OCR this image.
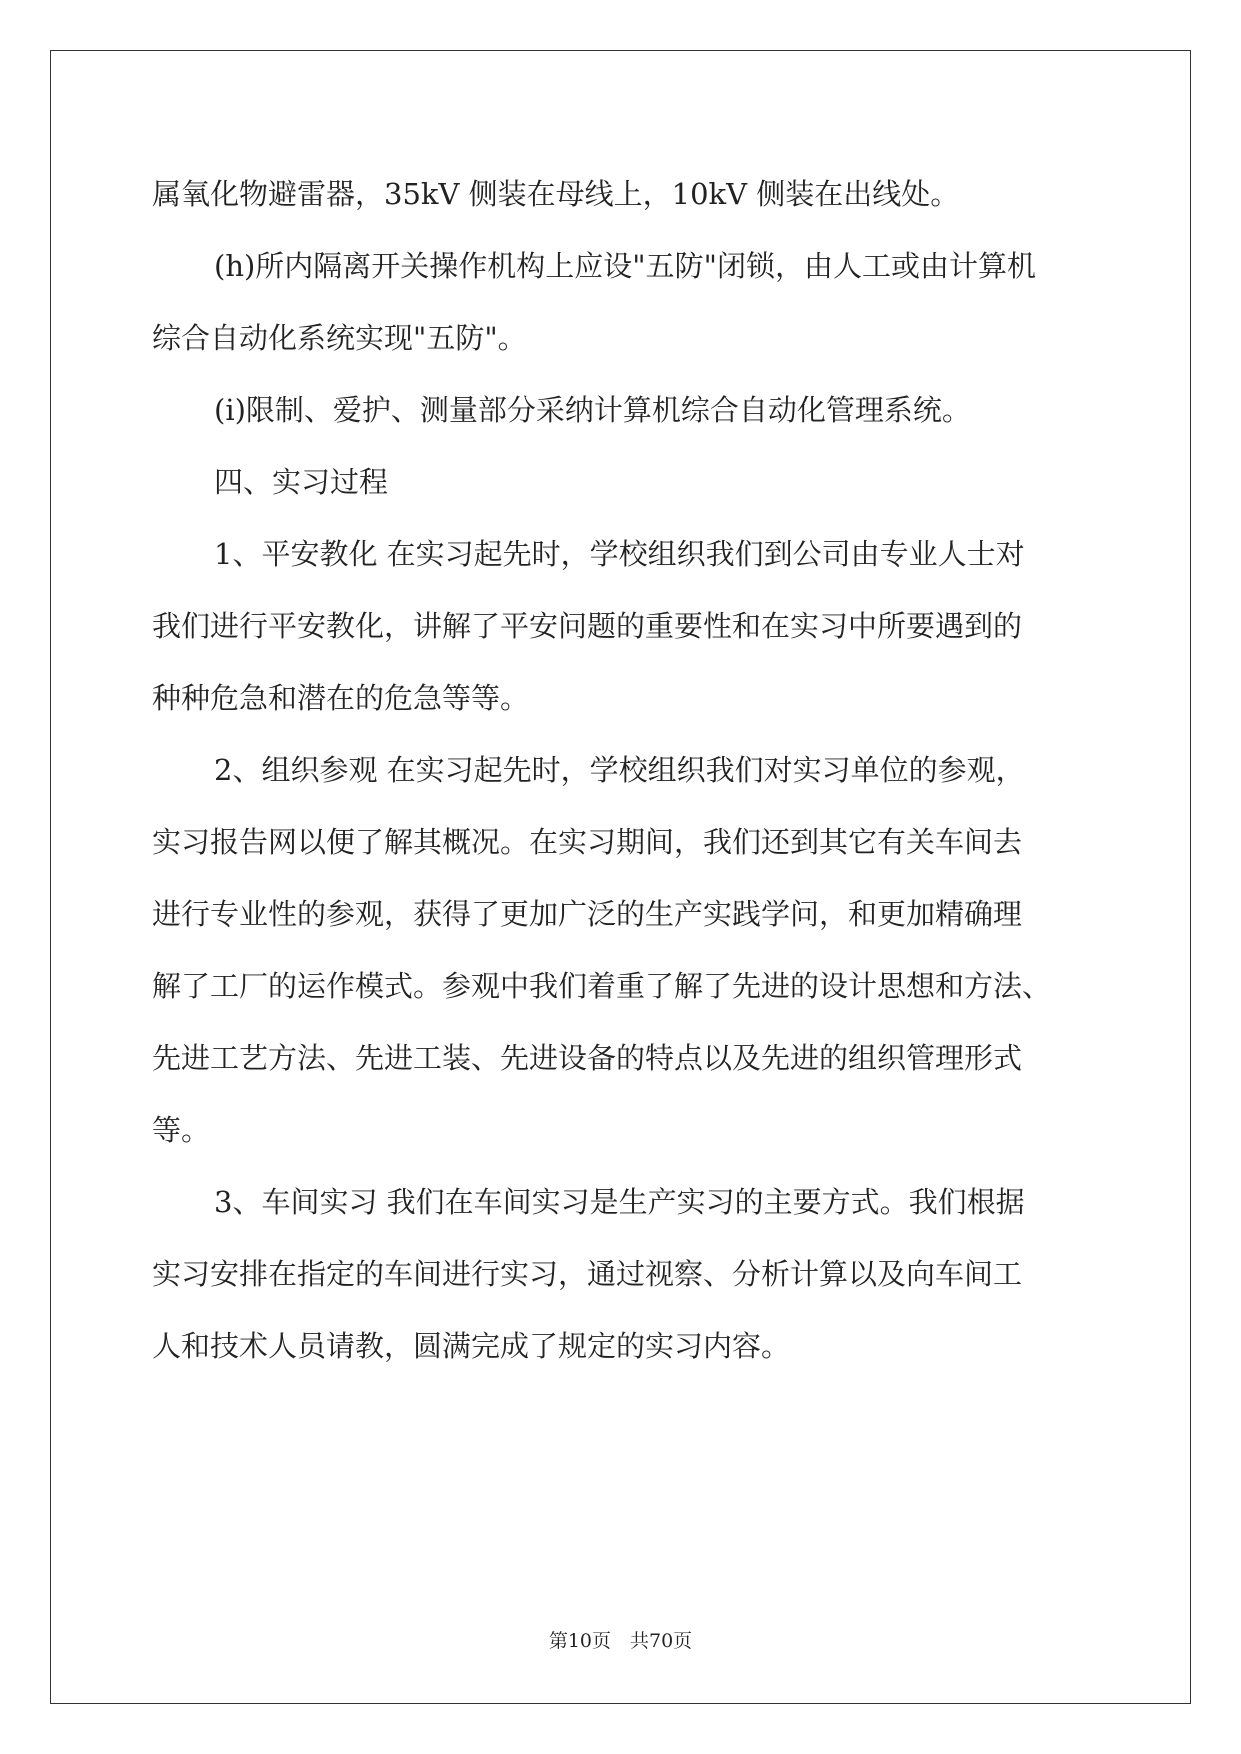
属氧化物避雷器，35kV 侧装在母线上，10kV 侧装在出线处。
(h)所内隔离开关操作机构上应设"五防"闭锁，由人工或由计算机
综合自动化系统实现"五防"。
(i)限制、爱护、测量部分采纳计算机综合自动化管理系统。
四、实习过程
1、平安教化 在实习起先时，学校组织我们到公司由专业人士对
我们进行平安教化，讲解了平安问题的重要性和在实习中所要遇到的
种种危急和潜在的危急等等。
2、组织参观 在实习起先时，学校组织我们对实习单位的参观，
实习报告网以便了解其概况。在实习期间，我们还到其它有关车间去
进行专业性的参观，获得了更加广泛的生产实践学问，和更加精确理
解了工厂的运作模式。参观中我们着重了解了先进的设计思想和方法、
先进工艺方法、先进工装、先进设备的特点以及先进的组织管理形式
等。
3、车间实习 我们在车间实习是生产实习的主要方式。我们根据
实习安排在指定的车间进行实习，通过视察、分析计算以及向车间工
人和技术人员请教，圆满完成了规定的实习内容。
第10页　共70页
